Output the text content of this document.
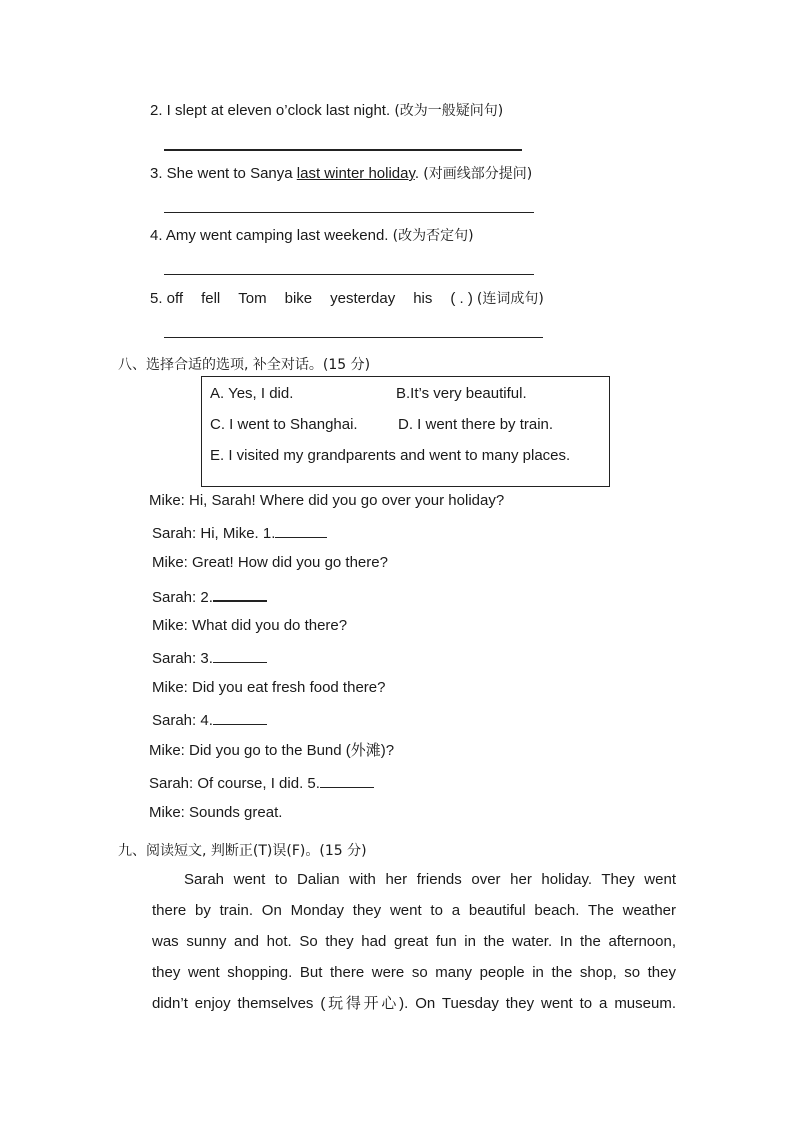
2. I slept at eleven o’clock last night. (改为一般疑问句)
3. She went to Sanya last winter holiday. (对画线部分提问)
4. Amy went camping last weekend. (改为否定句)
5. off fell Tom bike yesterday his ( . ) (连词成句)
八、选择合适的选项, 补全对话。(15 分)
A. Yes, I did.	B.It’s very beautiful.
C. I went to Shanghai.	D. I went there by train.
E. I visited my grandparents and went to many places.
Mike: Hi, Sarah! Where did you go over your holiday?
Sarah: Hi, Mike. 1.
Mike: Great! How did you go there?
Sarah: 2.
Mike: What did you do there?
Sarah: 3.
Mike: Did you eat fresh food there?
Sarah: 4.
Mike: Did you go to the Bund (外滩)?
Sarah: Of course, I did. 5.
Mike: Sounds great.
九、阅读短文, 判断正(T)误(F)。(15 分)
Sarah went to Dalian with her friends over her holiday. They went
there by train. On Monday they went to a beautiful beach. The weather
was sunny and hot. So they had great fun in the water. In the afternoon,
they went shopping. But there were so many people in the shop, so they
didn’t enjoy themselves (玩得开心). On Tuesday they went to a museum.
